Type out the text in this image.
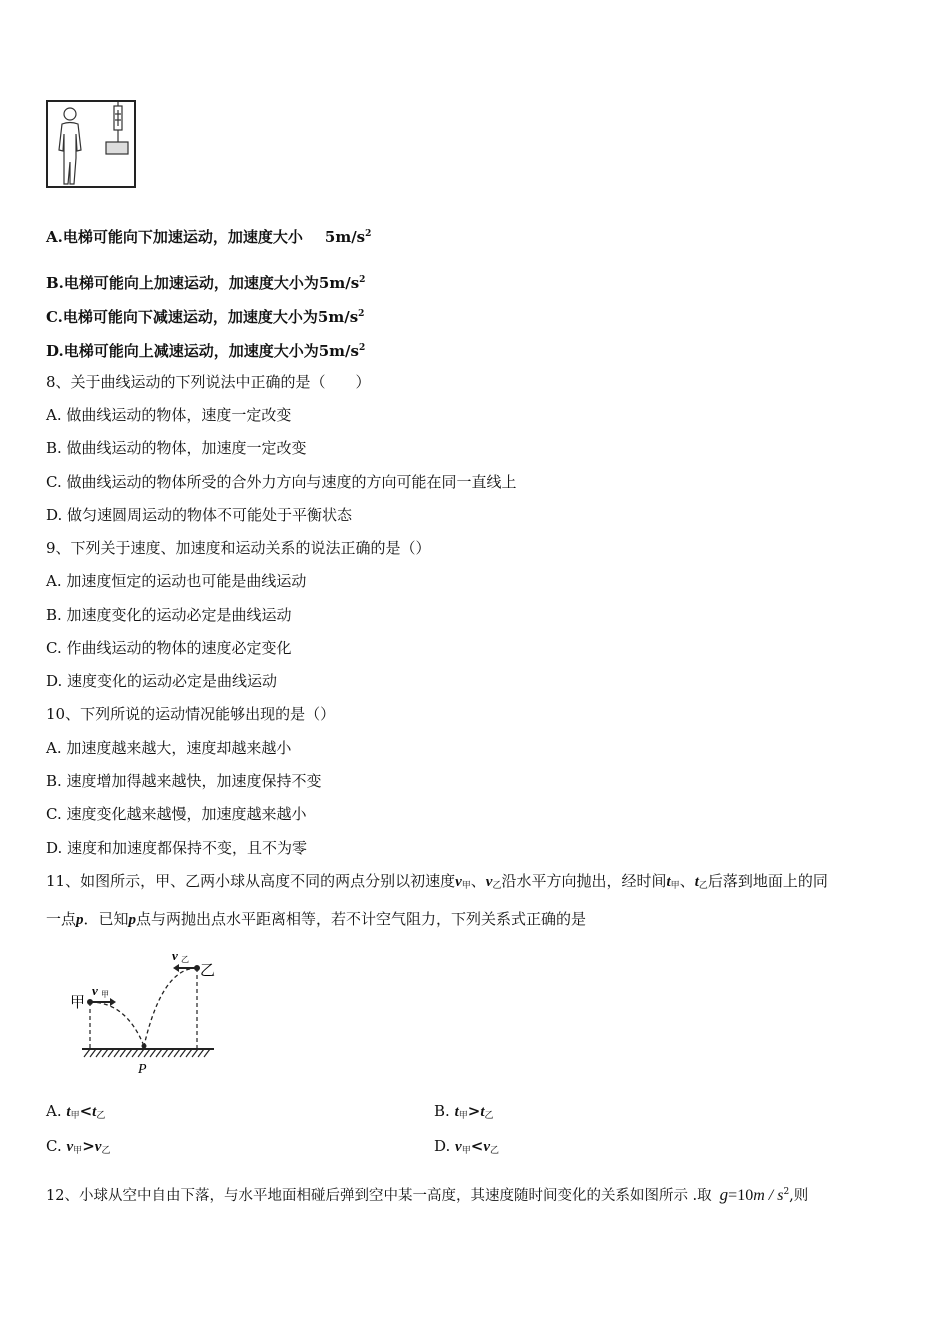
A.电梯可能向下加速运动，加速度大小 $5m/s^2$
B.电梯可能向上加速运动，加速度大小为$5m/s^2$
C.电梯可能向下减速运动，加速度大小为$5m/s^2$
D.电梯可能向上减速运动，加速度大小为$5m/s^2$
8、关于曲线运动的下列说法中正确的是（　　）
A. 做曲线运动的物体，速度一定改变
B. 做曲线运动的物体，加速度一定改变
C. 做曲线运动的物体所受的合外力方向与速度的方向可能在同一直线上
D. 做匀速圆周运动的物体不可能处于平衡状态
9、下列关于速度、加速度和运动关系的说法正确的是（）
A. 加速度恒定的运动也可能是曲线运动
B. 加速度变化的运动必定是曲线运动
C. 作曲线运动的物体的速度必定变化
D. 速度变化的运动必定是曲线运动
10、下列所说的运动情况能够出现的是（）
A. 加速度越来越大，速度却越来越小
B. 速度增加得越来越快，加速度保持不变
C. 速度变化越来越慢，加速度越来越小
D. 速度和加速度都保持不变，且不为零
11、如图所示，甲、乙两小球从高度不同的两点分别以初速度$v_甲$、$v_乙$沿水平方向抛出，经时间$t_甲$、$t_乙$后落到地面上的同
一点p．已知p点与两抛出点水平距离相等，若不计空气阻力，下列关系式正确的是
甲
乙
v 甲
v 乙
P
A. $t_甲<t_乙$	B. $t_甲>t_乙$
C. $v_甲>v_乙$	D. $v_甲<v_乙$
12、小球从空中自由下落，与水平地面相碰后弹到空中某一高度，其速度随时间变化的关系如图所示 .取 $g=10m / s^2$,则
